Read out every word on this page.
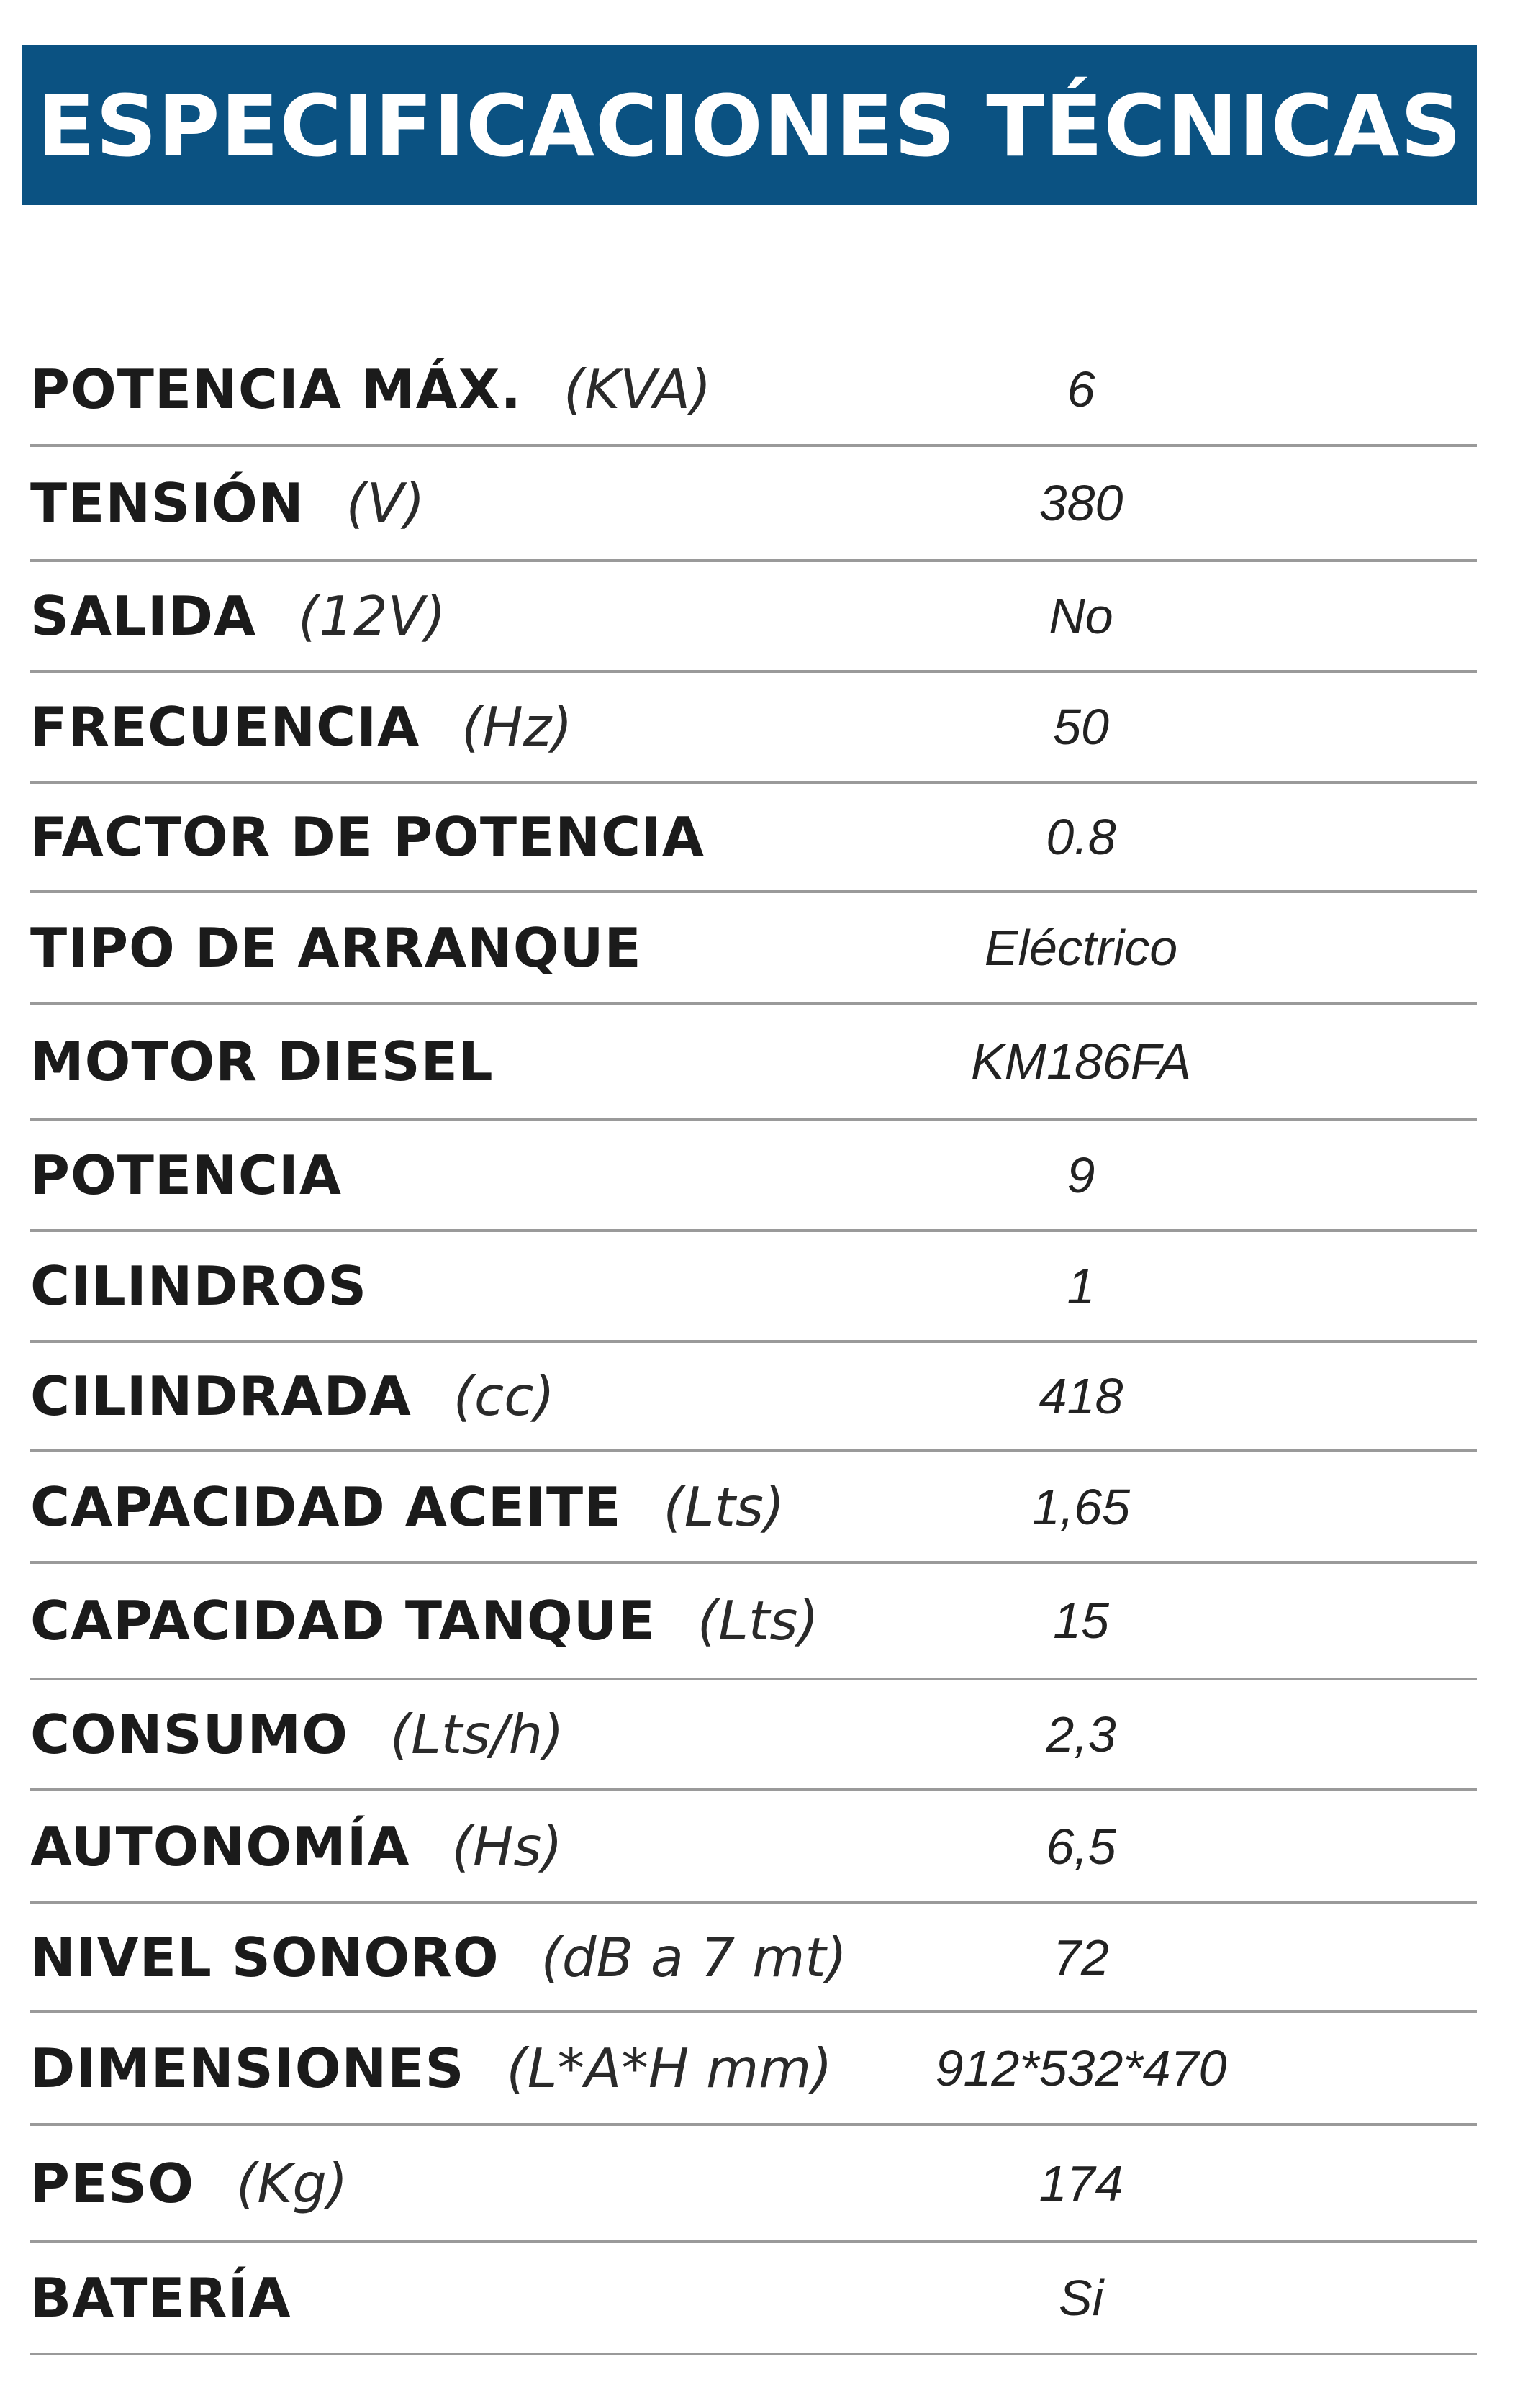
ESPECIFICACIONES TÉCNICAS
POTENCIA MÁX. (KVA)	6
TENSIÓN (V)	380
SALIDA (12V)	No
FRECUENCIA (Hz)	50
FACTOR DE POTENCIA	0.8
TIPO DE ARRANQUE	Eléctrico
MOTOR DIESEL	KM186FA
POTENCIA	9
CILINDROS	1
CILINDRADA (cc)	418
CAPACIDAD ACEITE (Lts)	1,65
CAPACIDAD TANQUE (Lts)	15
CONSUMO (Lts/h)	2,3
AUTONOMÍA (Hs)	6,5
NIVEL SONORO (dB a 7 mt)	72
DIMENSIONES (L*A*H mm)	912*532*470
PESO (Kg)	174
BATERÍA	Si
